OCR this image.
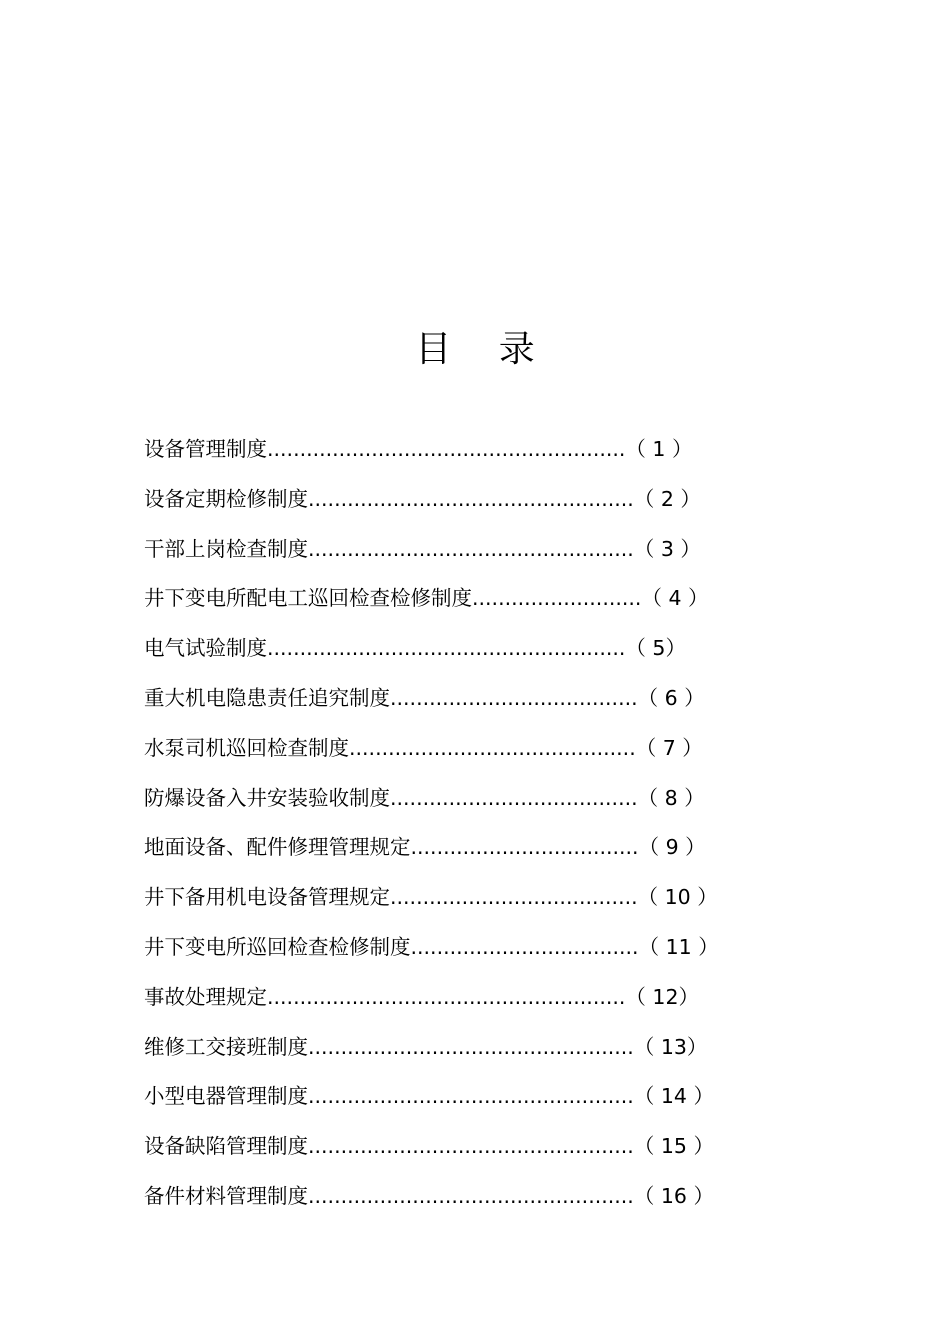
目 录
设备管理制度.......................................................（ 1 ）
设备定期检修制度..................................................（ 2 ）
干部上岗检查制度..................................................（ 3 ）
井下变电所配电工巡回检查检修制度..........................（ 4 ）
电气试验制度.......................................................（ 5）
重大机电隐患责任追究制度......................................（ 6 ）
水泵司机巡回检查制度............................................（ 7 ）
防爆设备入井安装验收制度......................................（ 8 ）
地面设备、配件修理管理规定...................................（ 9 ）
井下备用机电设备管理规定......................................（ 10 ）
井下变电所巡回检查检修制度...................................（ 11 ）
事故处理规定.......................................................（ 12）
维修工交接班制度..................................................（ 13）
小型电器管理制度..................................................（ 14 ）
设备缺陷管理制度..................................................（ 15 ）
备件材料管理制度..................................................（ 16 ）
